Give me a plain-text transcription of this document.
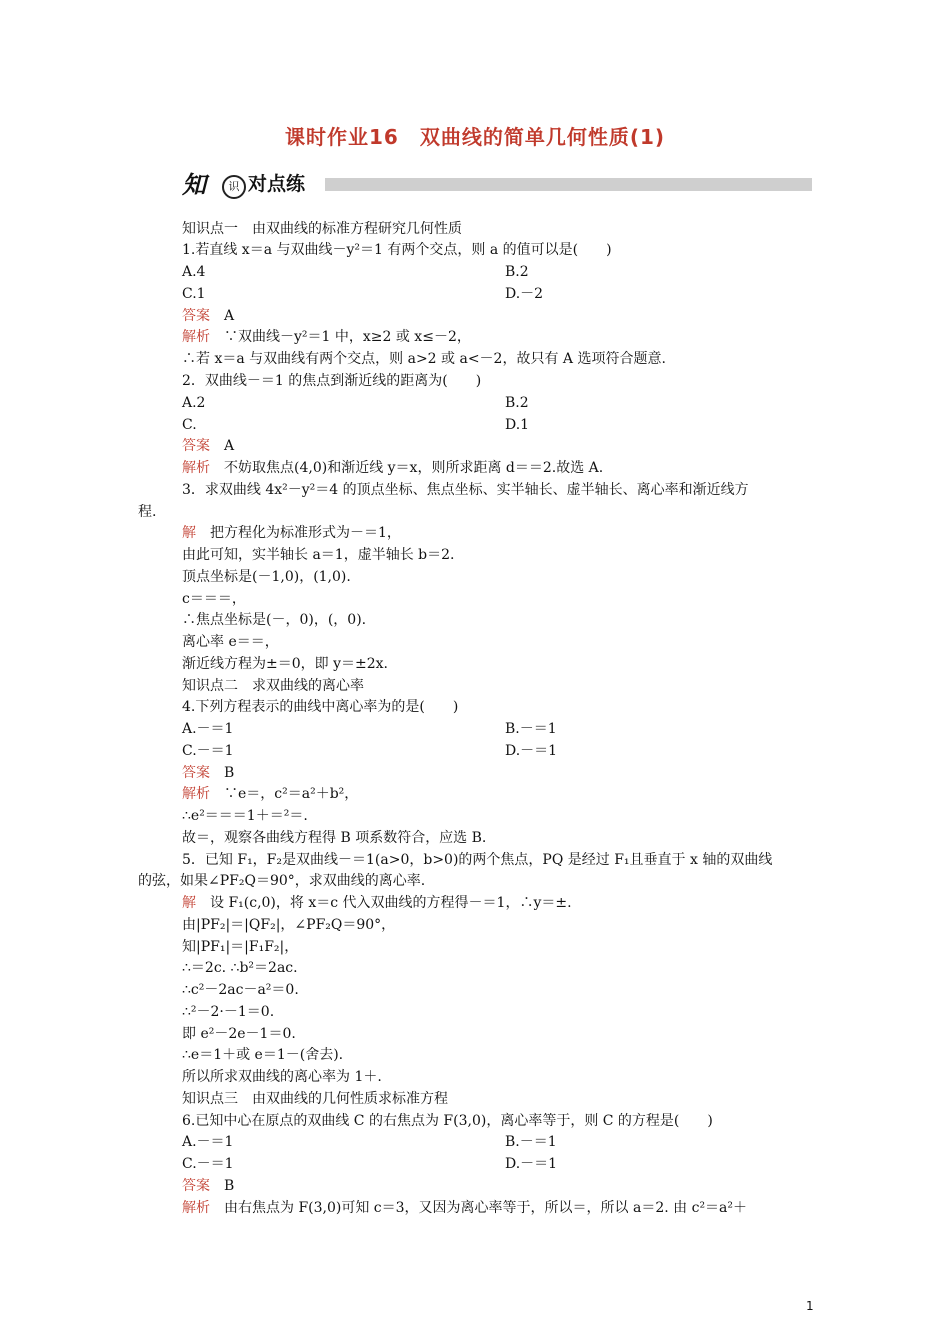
课时作业16　双曲线的简单几何性质(1)
知	识 对点练
知识点一　由双曲线的标准方程研究几何性质
1.若直线 x＝a 与双曲线－y²＝1 有两个交点，则 a 的值可以是(　　)
A.4	B.2
C.1	D.－2
答案　A
解析　∵双曲线－y²＝1 中，x≥2 或 x≤－2，
∴若 x＝a 与双曲线有两个交点，则 a>2 或 a<－2，故只有 A 选项符合题意.
2．双曲线－＝1 的焦点到渐近线的距离为(　　)
A.2	B.2
C.	D.1
答案　A
解析　不妨取焦点(4,0)和渐近线 y＝x，则所求距离 d＝＝2.故选 A.
3．求双曲线 4x²－y²＝4 的顶点坐标、焦点坐标、实半轴长、虚半轴长、离心率和渐近线方
程.
解　把方程化为标准形式为－＝1，
由此可知，实半轴长 a＝1，虚半轴长 b＝2.
顶点坐标是(－1,0)，(1,0).
c＝＝＝，
∴焦点坐标是(－，0)，(，0).
离心率 e＝＝，
渐近线方程为±＝0，即 y＝±2x.
知识点二　求双曲线的离心率
4.下列方程表示的曲线中离心率为的是(　　)
A.－＝1	B.－＝1
C.－＝1	D.－＝1
答案　B
解析　∵e＝，c²＝a²＋b²，
∴e²＝＝＝1＋＝²＝.
故＝，观察各曲线方程得 B 项系数符合，应选 B.
5．已知 F₁，F₂是双曲线－＝1(a>0，b>0)的两个焦点，PQ 是经过 F₁且垂直于 x 轴的双曲线
的弦，如果∠PF₂Q＝90°，求双曲线的离心率.
解　设 F₁(c,0)，将 x＝c 代入双曲线的方程得－＝1，∴y＝±.
由|PF₂|＝|QF₂|，∠PF₂Q＝90°，
知|PF₁|＝|F₁F₂|，
∴＝2c. ∴b²＝2ac.
∴c²－2ac－a²＝0.
∴²－2·－1＝0.
即 e²－2e－1＝0.
∴e＝1＋或 e＝1－(舍去).
所以所求双曲线的离心率为 1＋.
知识点三　由双曲线的几何性质求标准方程
6.已知中心在原点的双曲线 C 的右焦点为 F(3,0)，离心率等于，则 C 的方程是(　　)
A.－＝1	B.－＝1
C.－＝1	D.－＝1
答案　B
解析　由右焦点为 F(3,0)可知 c＝3，又因为离心率等于，所以＝，所以 a＝2. 由 c²＝a²＋
1
